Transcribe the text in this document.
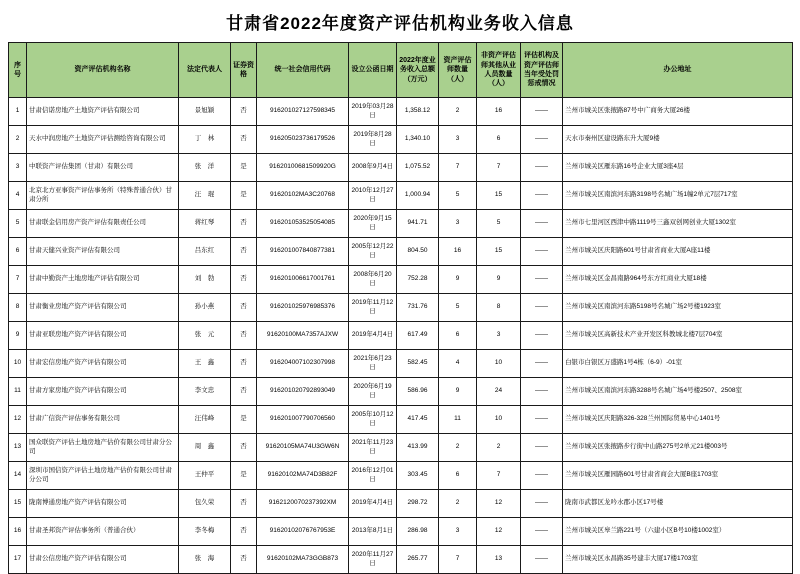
甘肃省2022年度资产评估机构业务收入信息
序号	资产评估机构名称	法定代表人	证券资格	统一社会信用代码	设立公函日期	2022年度业务收入总额（万元）	资产评估师数量（人）	非资产评估师其他从业人员数量（人）	评估机构及资产评估师当年受处罚惩戒情况	办公地址
1	甘肃信诺房地产土地资产评估有限公司	景旭颖	否	916201027127598345	2019年03月28日	1,358.12	2	16	——	兰州市城关区张掖路87号中广商务大厦26楼
2	天水中润房地产土地资产评估测绘咨询有限公司	丁　林	否	916205023736179526	2019年8月28日	1,340.10	3	6	——	天水市秦州区建设路东升大厦9楼
3	中联资产评估集团（甘肃）有限公司	张　洋	是	91620100681509920G	2008年9月4日	1,075.52	7	7	——	兰州市城关区雁东路16号企业大厦3座4层
4	北京北方亚事资产评估事务所（特殊普通合伙）甘肃分所	汪　琨	是	91620102MA3C20768	2010年12月27日	1,000.94	5	15	——	兰州市城关区南滨河东路3198号名城广场1幢2单元7层717室
5	甘肃联金信用房产资产评估有限责任公司	蒋红琴	否	916201053525054085	2020年9月15日	941.71	3	5	——	兰州市七里河区西津中路1119号三鑫双创网创业大厦1302室
6	甘肃天健兴业资产评估有限公司	吕东红	否	916201007840877381	2005年12月22日	804.50	16	15	——	兰州市城关区庆阳路601号甘肃省商业大厦A座11楼
7	甘肃中勤资产土地房地产评估有限公司	刘　勃	否	916201006617001761	2008年6月20日	752.28	9	9	——	兰州市城关区金昌南路964号东方红商业大厦18楼
8	甘肃衡业房地产资产评估有限公司	孙小燕	否	916201025976985376	2019年11月12日	731.76	5	8	——	兰州市城关区南滨河东路5198号名城广场2号楼1923室
9	甘肃亚联房地产资产评估有限公司	张　元	否	91620100MA7357AJXW	2019年4月4日	617.49	6	3	——	兰州市城关区高新技术产业开发区科教城北楼7层704室
10	甘肃宏信房地产资产评估有限公司	王　鑫	否	916204007102307998	2021年6月23日	582.45	4	10	——	白银市白银区万盛路1号4栋（6-9）-01室
11	甘肃方家房地产资产评估有限公司	李文忠	否	916201020792893049	2020年6月19日	586.96	9	24	——	兰州市城关区南滨河东路3288号名城广场4号楼2507、2508室
12	甘肃广信资产评估事务有限公司	汪伟峰	是	916201007790706560	2005年10月12日	417.45	11	10	——	兰州市城关区庆阳路326-328兰州国际贸易中心1401号
13	国众联资产评估土地房地产估价有限公司甘肃分公司	周　鑫	否	91620105MA74U3GW6N	2021年11月23日	413.99	2	2	——	兰州市城关区张掖路步行街中山路275号2单元21楼003号
14	深圳市国信资产评估土地房地产估价有限公司甘肃分公司	王仲平	是	91620102MA74D3B82F	2016年12月01日	303.45	6	7	——	兰州市城关区雁园路601号甘肃省商会大厦B座1703室
15	陇南博通房地产资产评估有限公司	包久荣	否	9162120070237392XM	2019年4月4日	298.72	2	12	——	陇南市武都区龙吟水郡小区17号楼
16	甘肃圣邦资产评估事务所（普通合伙）	李冬梅	否	91620102076767953E	2013年8月1日	286.98	3	12	——	兰州市城关区皋兰路221号（六建小区B号10楼1002室）
17	甘肃公信房地产资产评估有限公司	张　海	否	91620102MA73GGB873	2020年11月27日	265.77	7	13	——	兰州市城关区永昌路35号建丰大厦17楼1703室
